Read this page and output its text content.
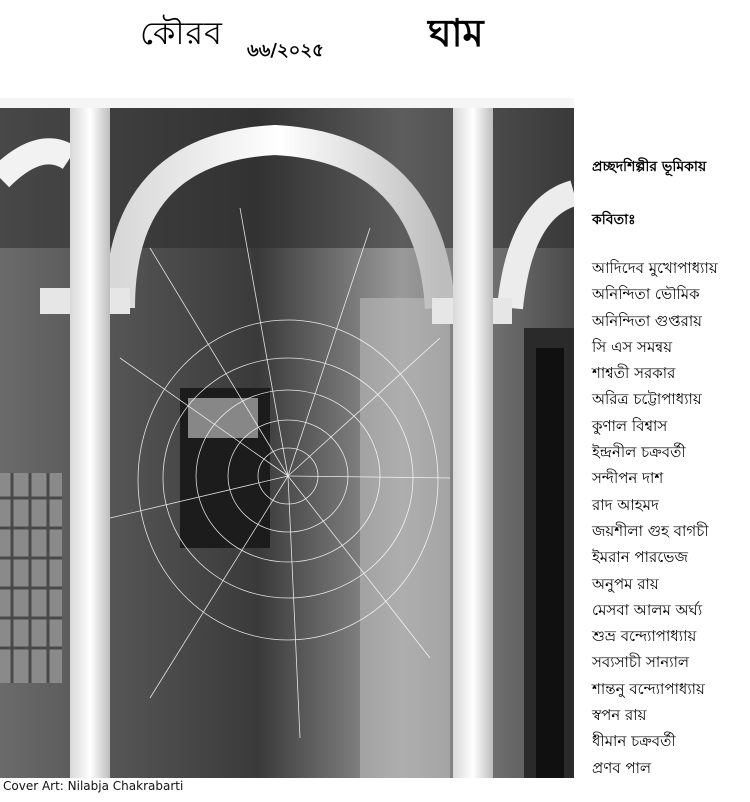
কৌরব ৬৬/২০২৫	ঘাম
Cover Art: Nilabja Chakrabarti
প্রচ্ছদশিল্পীর ভূমিকায়
কবিতাঃ
আদিদেব মুখোপাধ্যায়
অনিন্দিতা ভৌমিক
অনিন্দিতা গুপ্তরায়
সি এস সমন্বয়
শাশ্বতী সরকার
অরিত্র চট্টোপাধ্যায়
কুণাল বিশ্বাস
ইন্দ্রনীল চক্রবর্তী
সন্দীপন দাশ
রাদ আহমদ
জয়শীলা গুহ বাগচী
ইমরান পারভেজ
অনুপম রায়
মেসবা আলম অর্ঘ্য
শুভ্র বন্দ্যোপাধ্যায়
সব্যসাচী সান্যাল
শান্তনু বন্দ্যোপাধ্যায়
স্বপন রায়
ধীমান চক্রবর্তী
প্রণব পাল
